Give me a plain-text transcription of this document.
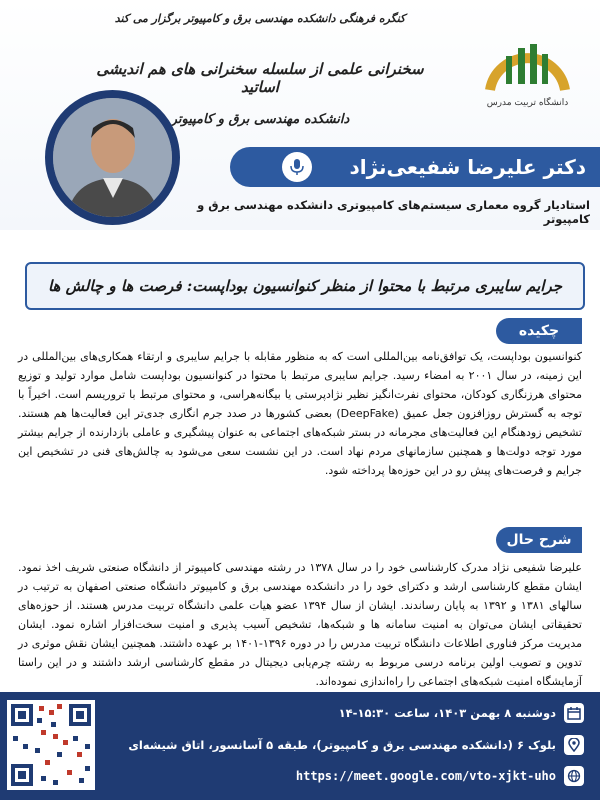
کنگره فرهنگی دانشکده مهندسی برق و کامپیوتر برگزار می کند
سخنرانی علمی از سلسله سخنرانی های هم اندیشی اساتید
دانشکده مهندسی برق و کامپیوتر
دانشگاه تربیت مدرس
دکتر علیرضا شفیعی‌نژاد
استادیار گروه معماری سیستم‌های کامپیوتری دانشکده مهندسی برق و کامپیوتر
جرایم سایبری مرتبط با محتوا از منظر کنوانسیون بوداپست: فرصت ها و چالش ها
چکیده
کنوانسیون بوداپست، یک توافق‌نامه بین‌المللی است که به منظور مقابله با جرایم سایبری و ارتقاء همکاری‌های بین‌المللی در این زمینه، در سال ۲۰۰۱ به امضاء رسید. جرایم سایبری مرتبط با محتوا در کنوانسیون بوداپست شامل موارد تولید و توزیع محتوای هرزنگاری کودکان، محتوای نفرت‌انگیز نظیر نژادپرستی یا بیگانه‌هراسی، و محتوای مرتبط با تروریسم است. اخیراً با توجه به گسترش روزافزون جعل عمیق (DeepFake) بعضی کشورها در صدد جرم انگاری جدی‌تر این فعالیت‌ها هم هستند. تشخیص زودهنگام این فعالیت‌های مجرمانه در بستر شبکه‌های اجتماعی به عنوان پیشگیری و عاملی بازدارنده از جرایم بیشتر مورد توجه دولت‌ها و همچنین سازمانهای مردم نهاد است. در این نشست سعی می‌شود به چالش‌های فنی در تشخیص این جرایم و فرصت‌های پیش رو در این حوزه‌ها پرداخته شود.
شرح حال
علیرضا شفیعی نژاد مدرک کارشناسی خود را در سال ۱۳۷۸ در رشته مهندسی کامپیوتر از دانشگاه صنعتی شریف اخذ نمود. ایشان مقطع کارشناسی ارشد و دکترای خود را در دانشکده مهندسی برق و کامپیوتر دانشگاه صنعتی اصفهان به ترتیب در سالهای ۱۳۸۱ و ۱۳۹۲ به پایان رساندند. ایشان از سال ۱۳۹۴ عضو هیات علمی دانشگاه تربیت مدرس هستند. از حوزه‌های تحقیقاتی ایشان می‌توان به امنیت سامانه ها و شبکه‌ها، تشخیص آسیب پذیری و امنیت سخت‌افزار اشاره نمود. ایشان مدیریت مرکز فناوری اطلاعات دانشگاه تربیت مدرس را در دوره ۱۳۹۶-۱۴۰۱ بر عهده داشتند. همچنین ایشان نقش موثری در تدوین و تصویب اولین برنامه درسی مربوط به رشته چرم‌یابی دیجیتال در مقطع کارشناسی ارشد داشتند و در این راستا آزمایشگاه امنیت شبکه‌های اجتماعی را راه‌اندازی نموده‌اند.
دوشنبه ۸ بهمن ۱۴۰۳، ساعت ۱۵:۳۰-۱۴
بلوک ۶ (دانشکده مهندسی برق و کامپیوتر)، طبقه ۵ آسانسور، اتاق شیشه‌ای
https://meet.google.com/vto-xjkt-uho
